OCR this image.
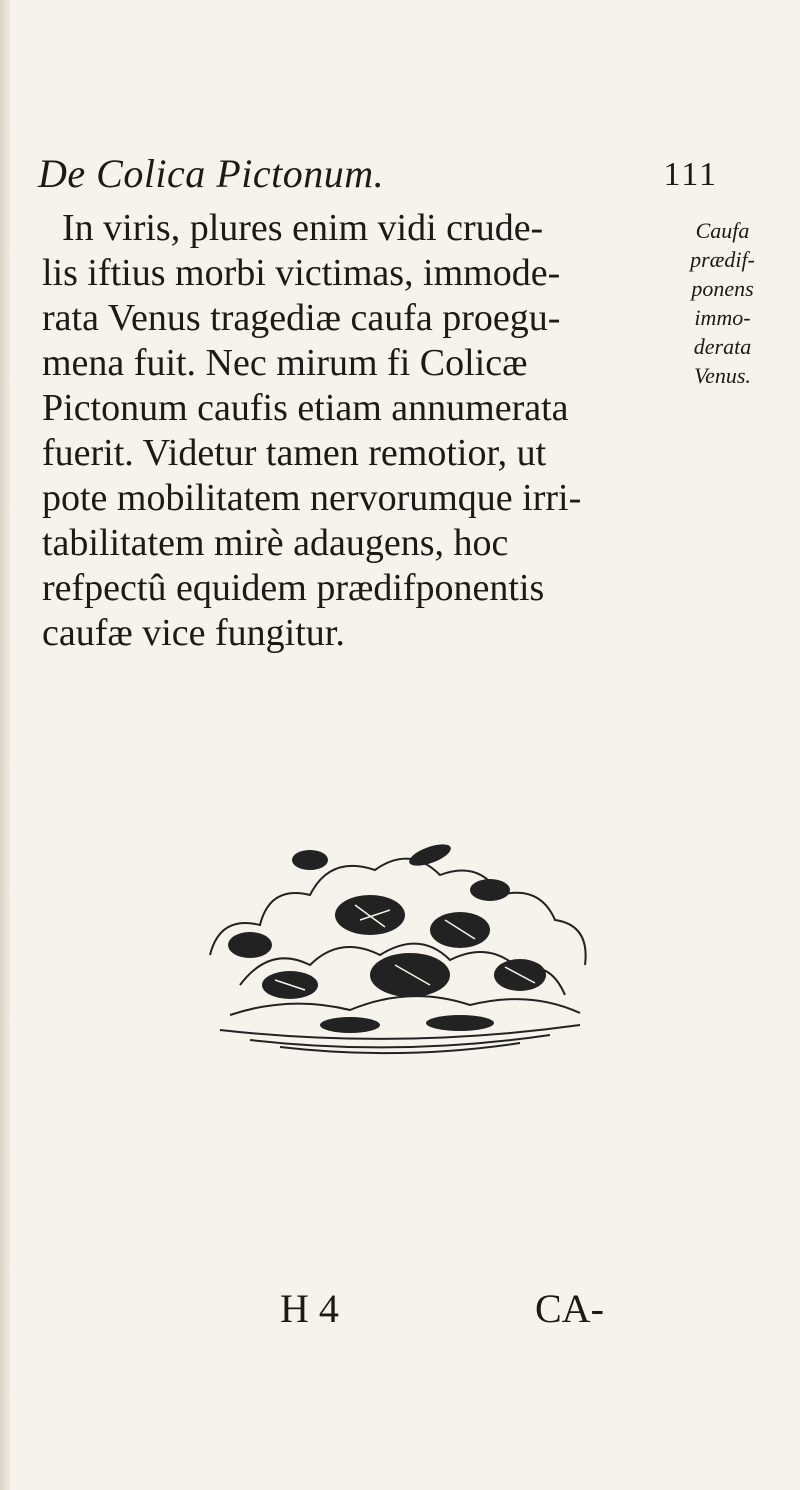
De Colica Pictonum.	111
In viris, plures enim vidi crude-
lis iftius morbi victimas, immode-
rata Venus tragediæ caufa proegu-
mena fuit. Nec mirum fi Colicæ
Pictonum caufis etiam annumerata
fuerit. Videtur tamen remotior, ut
pote mobilitatem nervorumque irri-
tabilitatem mirè adaugens, hoc
refpectû equidem prædifponentis
caufæ vice fungitur.
Caufa
prædif-
ponens
immo-
derata
Venus.
H 4	CA-
